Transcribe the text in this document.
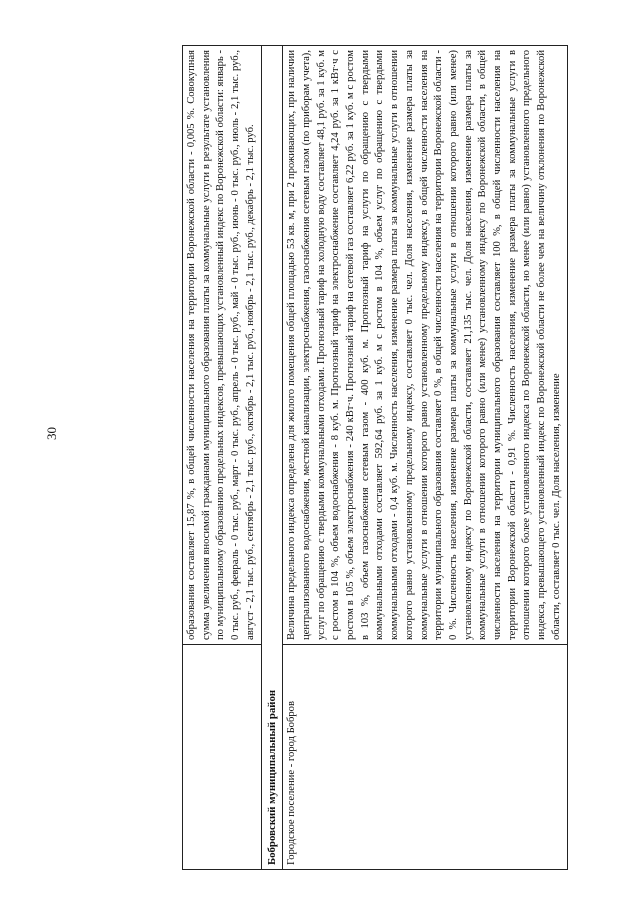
30
		образования составляет 15,87 %, в общей численности населения на территории Воронежской области - 0,005 %. Совокупная сумма увеличения вносимой гражданами муниципального образования платы за коммунальные услуги в результате установления по муниципальному образованию предельных индексов, превышающих установленный индекс по Воронежской области: январь - 0 тыс. руб., февраль - 0 тыс. руб., март - 0 тыс. руб., апрель - 0 тыс. руб., май - 0 тыс. руб., июнь - 0 тыс. руб., июль - 2,1 тыс. руб., август - 2,1 тыс. руб., сентябрь - 2,1 тыс. руб., октябрь - 2,1 тыс. руб., ноябрь - 2,1 тыс. руб., декабрь - 2,1 тыс. руб.
Бобровский муниципальный район	
Городское поселение - город Бобров	Величина предельного индекса определена для жилого помещения общей площадью 53 кв. м, при 2 проживающих, при наличии централизованного водоснабжения, местной канализации, электроснабжения, газоснабжения сетевым газом (по приборам учета), услуг по обращению с твердыми коммунальными отходами. Прогнозный тариф на холодную воду составляет 48,1 руб. за 1 куб. м с ростом в 104 %, объем водоснабжения - 8 куб. м. Прогнозный тариф на электроснабжение составляет 4,24 руб. за 1 кВт·ч с ростом в 105 %, объем электроснабжения - 240 кВт·ч. Прогнозный тариф на сетевой газ составляет 6,22 руб. за 1 куб. м с ростом в 103 %, объем газоснабжения сетевым газом - 400 куб. м. Прогнозный тариф на услуги по обращению с твердыми коммунальными отходами составляет 592,64 руб. за 1 куб. м с ростом в 104 %, объем услуг по обращению с твердыми коммунальными отходами - 0,4 куб. м. Численность населения, изменение размера платы за коммунальные услуги в отношении которого равно установленному предельному индексу, составляет 0 тыс. чел. Доля населения, изменение размера платы за коммунальные услуги в отношении которого равно установленному предельному индексу, в общей численности населения на территории муниципального образования составляет 0 %, в общей численности населения на территории Воронежской области - 0 %. Численность населения, изменение размера платы за коммунальные услуги в отношении которого равно (или менее) установленному индексу по Воронежской области, составляет 21,135 тыс. чел. Доля населения, изменение размера платы за коммунальные услуги в отношении которого равно (или менее) установленному индексу по Воронежской области, в общей численности населения на территории муниципального образования составляет 100 %, в общей численности населения на территории Воронежской области - 0,91 %. Численность населения, изменение размера платы за коммунальные услуги в отношении которого более установленного индекса по Воронежской области, но менее (или равно) установленного предельного индекса, превышающего установленный индекс по Воронежской области не более чем на величину отклонения по Воронежской области, составляет 0 тыс. чел. Доля населения, изменение
